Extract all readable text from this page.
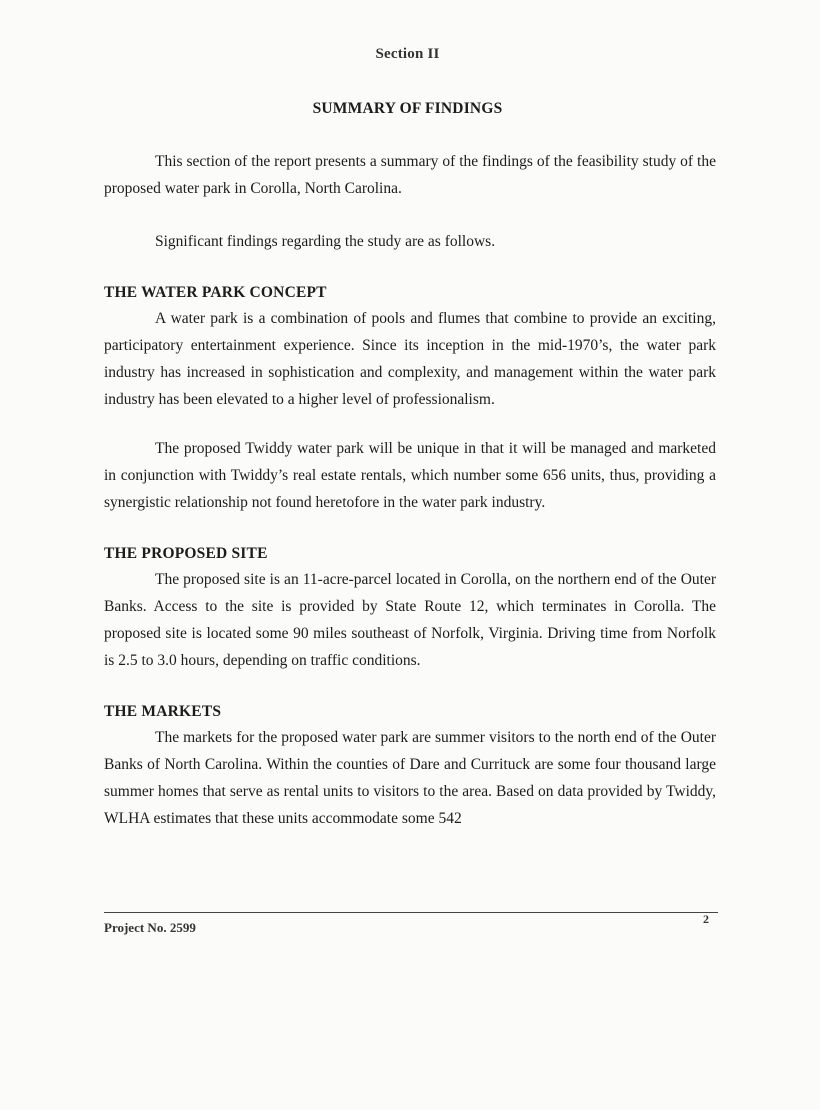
Section II
SUMMARY OF FINDINGS

This section of the report presents a summary of the findings of the feasibility study of the proposed water park in Corolla, North Carolina.

Significant findings regarding the study are as follows.

THE WATER PARK CONCEPT

A water park is a combination of pools and flumes that combine to provide an exciting, participatory entertainment experience. Since its inception in the mid-1970’s, the water park industry has increased in sophistication and complexity, and management within the water park industry has been elevated to a higher level of professionalism.

The proposed Twiddy water park will be unique in that it will be managed and marketed in conjunction with Twiddy’s real estate rentals, which number some 656 units, thus, providing a synergistic relationship not found heretofore in the water park industry.

THE PROPOSED SITE

The proposed site is an 11-acre-parcel located in Corolla, on the northern end of the Outer Banks. Access to the site is provided by State Route 12, which terminates in Corolla. The proposed site is located some 90 miles southeast of Norfolk, Virginia. Driving time from Norfolk is 2.5 to 3.0 hours, depending on traffic conditions.

THE MARKETS

The markets for the proposed water park are summer visitors to the north end of the Outer Banks of North Carolina. Within the counties of Dare and Currituck are some four thousand large summer homes that serve as rental units to visitors to the area. Based on data provided by Twiddy, WLHA estimates that these units accommodate some 542

Project No. 2599
2
